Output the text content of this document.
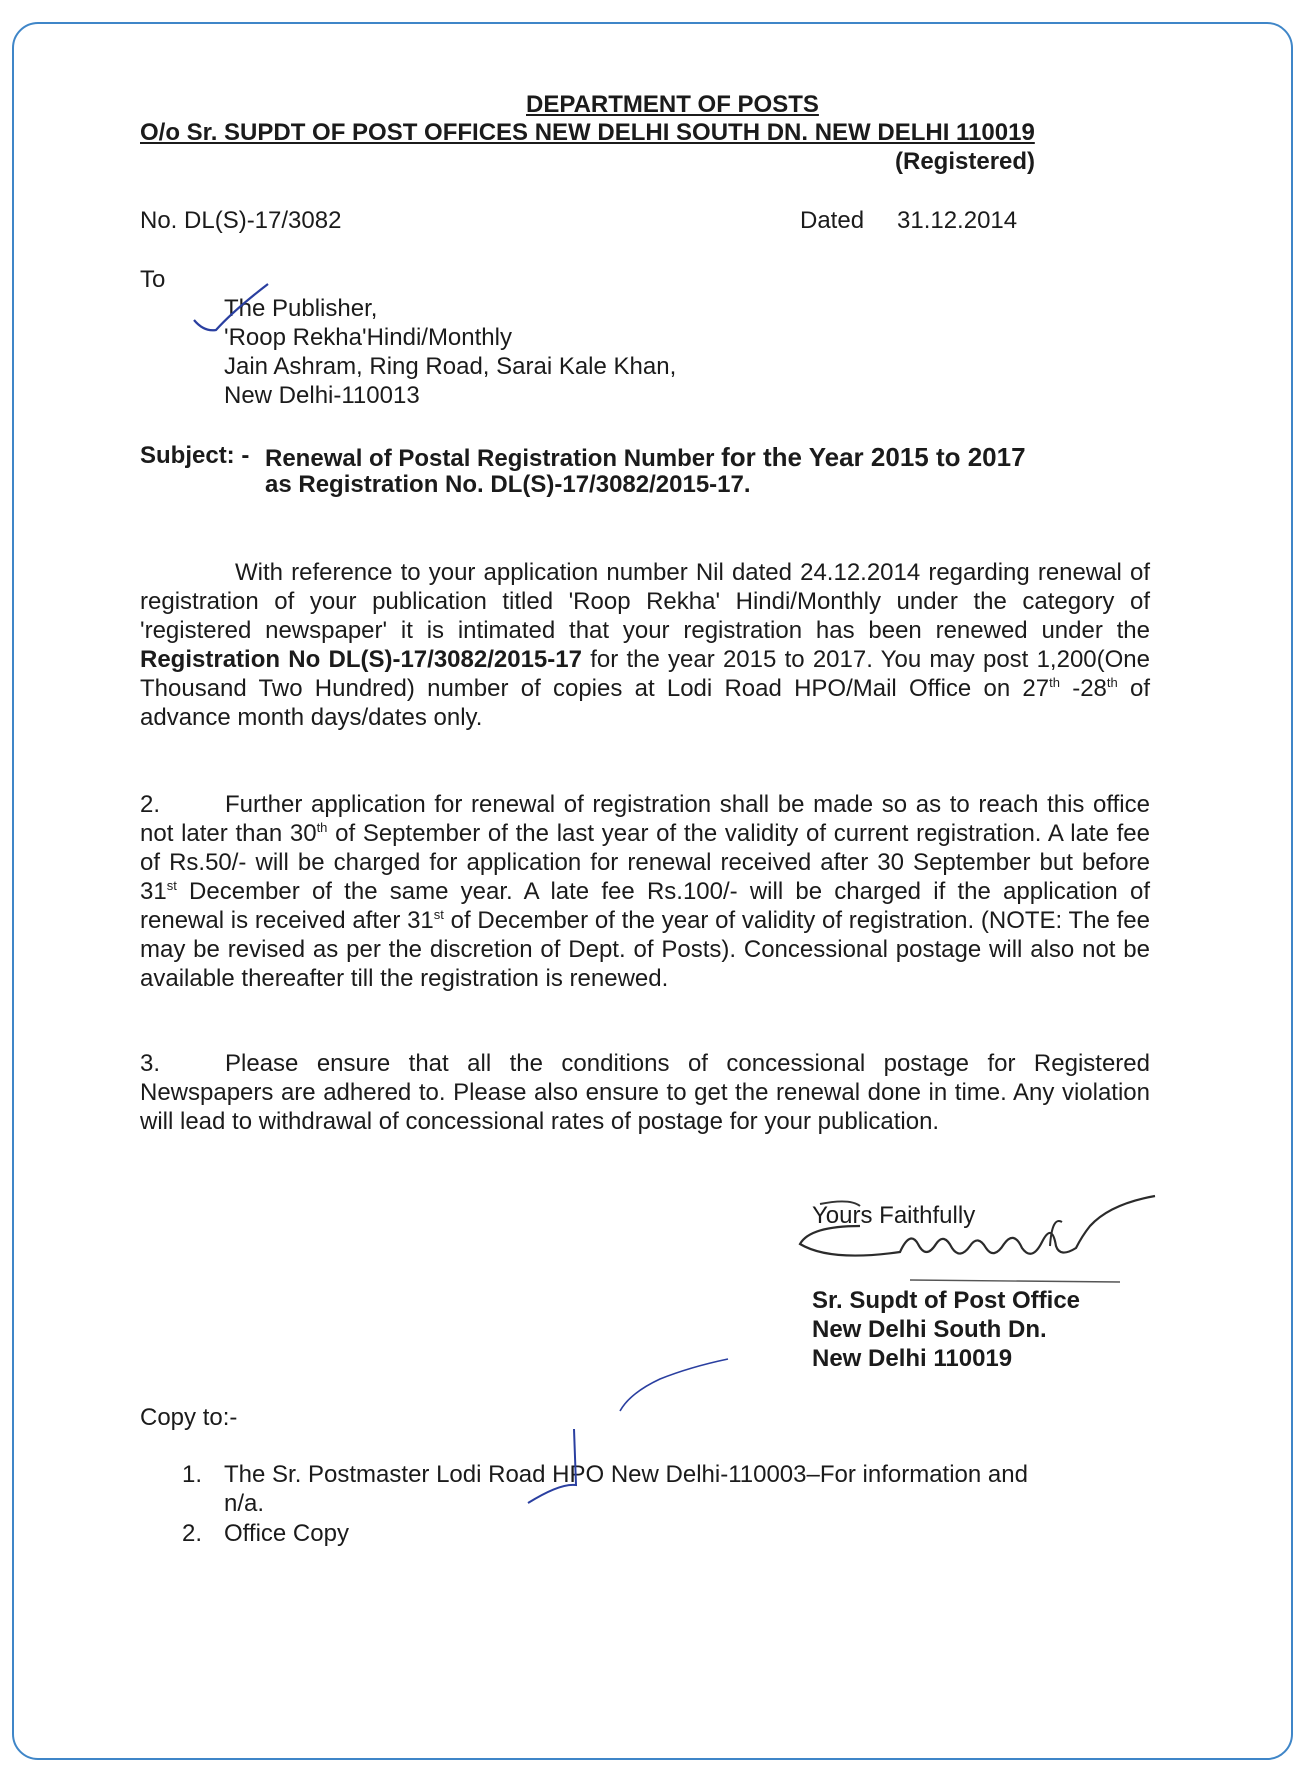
DEPARTMENT OF POSTS
O/o Sr. SUPDT OF POST OFFICES NEW DELHI SOUTH DN. NEW DELHI 110019
(Registered)
No. DL(S)-17/3082	Dated 31.12.2014
To
The Publisher,
'Roop Rekha'Hindi/Monthly
Jain Ashram, Ring Road, Sarai Kale Khan,
New Delhi-110013
Subject: - Renewal of Postal Registration Number for the Year 2015 to 2017
as Registration No. DL(S)-17/3082/2015-17.
With reference to your application number Nil dated 24.12.2014 regarding renewal of registration of your publication titled 'Roop Rekha' Hindi/Monthly under the category of 'registered newspaper' it is intimated that your registration has been renewed under the Registration No DL(S)-17/3082/2015-17 for the year 2015 to 2017. You may post 1,200(One Thousand Two Hundred) number of copies at Lodi Road HPO/Mail Office on 27th -28th of advance month days/dates only.
2.	Further application for renewal of registration shall be made so as to reach this office not later than 30th of September of the last year of the validity of current registration. A late fee of Rs.50/- will be charged for application for renewal received after 30 September but before 31st December of the same year. A late fee Rs.100/- will be charged if the application of renewal is received after 31st of December of the year of validity of registration. (NOTE: The fee may be revised as per the discretion of Dept. of Posts). Concessional postage will also not be available thereafter till the registration is renewed.
3.	Please ensure that all the conditions of concessional postage for Registered Newspapers are adhered to. Please also ensure to get the renewal done in time. Any violation will lead to withdrawal of concessional rates of postage for your publication.
Yours Faithfully
Sr. Supdt of Post Office
New Delhi South Dn.
New Delhi 110019
Copy to:-
1. The Sr. Postmaster Lodi Road HPO New Delhi-110003–For information and
n/a.
2. Office Copy
